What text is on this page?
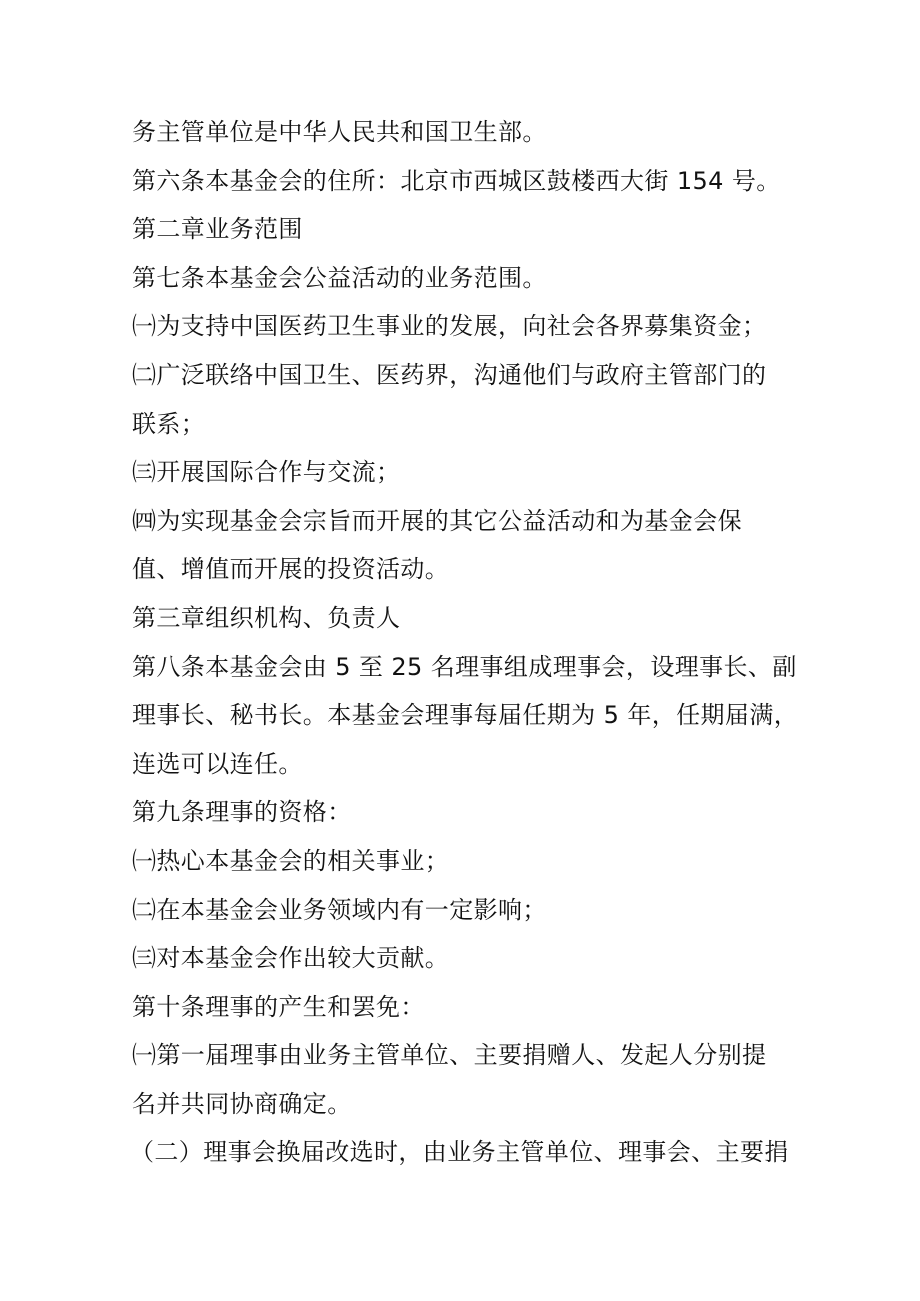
务主管单位是中华人民共和国卫生部。
第六条本基金会的住所：北京市西城区鼓楼西大街 154 号。
第二章业务范围
第七条本基金会公益活动的业务范围。
㈠为支持中国医药卫生事业的发展，向社会各界募集资金；
㈡广泛联络中国卫生、医药界，沟通他们与政府主管部门的
联系；
㈢开展国际合作与交流；
㈣为实现基金会宗旨而开展的其它公益活动和为基金会保
值、增值而开展的投资活动。
第三章组织机构、负责人
第八条本基金会由 5 至 25 名理事组成理事会，设理事长、副
理事长、秘书长。本基金会理事每届任期为 5 年，任期届满，
连选可以连任。
第九条理事的资格：
㈠热心本基金会的相关事业；
㈡在本基金会业务领域内有一定影响；
㈢对本基金会作出较大贡献。
第十条理事的产生和罢免：
㈠第一届理事由业务主管单位、主要捐赠人、发起人分别提
名并共同协商确定。
（二）理事会换届改选时，由业务主管单位、理事会、主要捐
